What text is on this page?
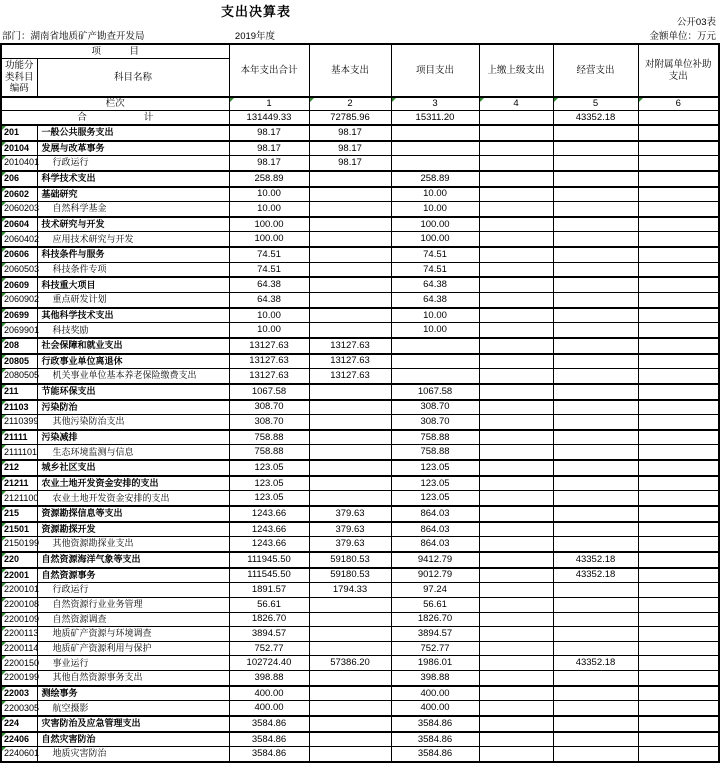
支出决算表
公开03表
部门：湖南省地质矿产勘查开发局	2019年度	金额单位：万元
项　　　目		本年支出合计	基本支出	项目支出	上缴上级支出	经营支出	对附属单位补助支出
功能分类科目编码	科目名称						
栏次		1	2	3	4	5	6
合　　　　　　计		131449.33	72785.96	15311.20		43352.18	

201	一般公共服务支出	98.17	98.17				

20104	发展与改革事务	98.17	98.17				

2010401	行政运行	98.17	98.17				

206	科学技术支出	258.89		258.89			

20602	基础研究	10.00		10.00			

2060203	自然科学基金	10.00		10.00			

20604	技术研究与开发	100.00		100.00			

2060402	应用技术研究与开发	100.00		100.00			

20606	科技条件与服务	74.51		74.51			

2060503	科技条件专项	74.51		74.51			

20609	科技重大项目	64.38		64.38			

2060902	重点研发计划	64.38		64.38			

20699	其他科学技术支出	10.00		10.00			

2069901	科技奖励	10.00		10.00			

208	社会保障和就业支出	13127.63	13127.63				

20805	行政事业单位离退休	13127.63	13127.63				

2080505	机关事业单位基本养老保险缴费支出	13127.63	13127.63				

211	节能环保支出	1067.58		1067.58			

21103	污染防治	308.70		308.70			

2110399	其他污染防治支出	308.70		308.70			

21111	污染减排	758.88		758.88			

2111101	生态环境监测与信息	758.88		758.88			

212	城乡社区支出	123.05		123.05			

21211	农业土地开发资金安排的支出	123.05		123.05			

2121100	农业土地开发资金安排的支出	123.05		123.05			

215	资源勘探信息等支出	1243.66	379.63	864.03			

21501	资源勘探开发	1243.66	379.63	864.03			

2150199	其他资源勘探业支出	1243.66	379.63	864.03			

220	自然资源海洋气象等支出	111945.50	59180.53	9412.79		43352.18	

22001	自然资源事务	111545.50	59180.53	9012.79		43352.18	

2200101	行政运行	1891.57	1794.33	97.24			

2200108	自然资源行业业务管理	56.61		56.61			

2200109	自然资源调查	1826.70		1826.70			

2200113	地质矿产资源与环境调查	3894.57		3894.57			

2200114	地质矿产资源利用与保护	752.77		752.77			

2200150	事业运行	102724.40	57386.20	1986.01		43352.18	

2200199	其他自然资源事务支出	398.88		398.88			

22003	测绘事务	400.00		400.00			

2200305	航空摄影	400.00		400.00			

224	灾害防治及应急管理支出	3584.86		3584.86			

22406	自然灾害防治	3584.86		3584.86			

2240601	地质灾害防治	3584.86		3584.86			
